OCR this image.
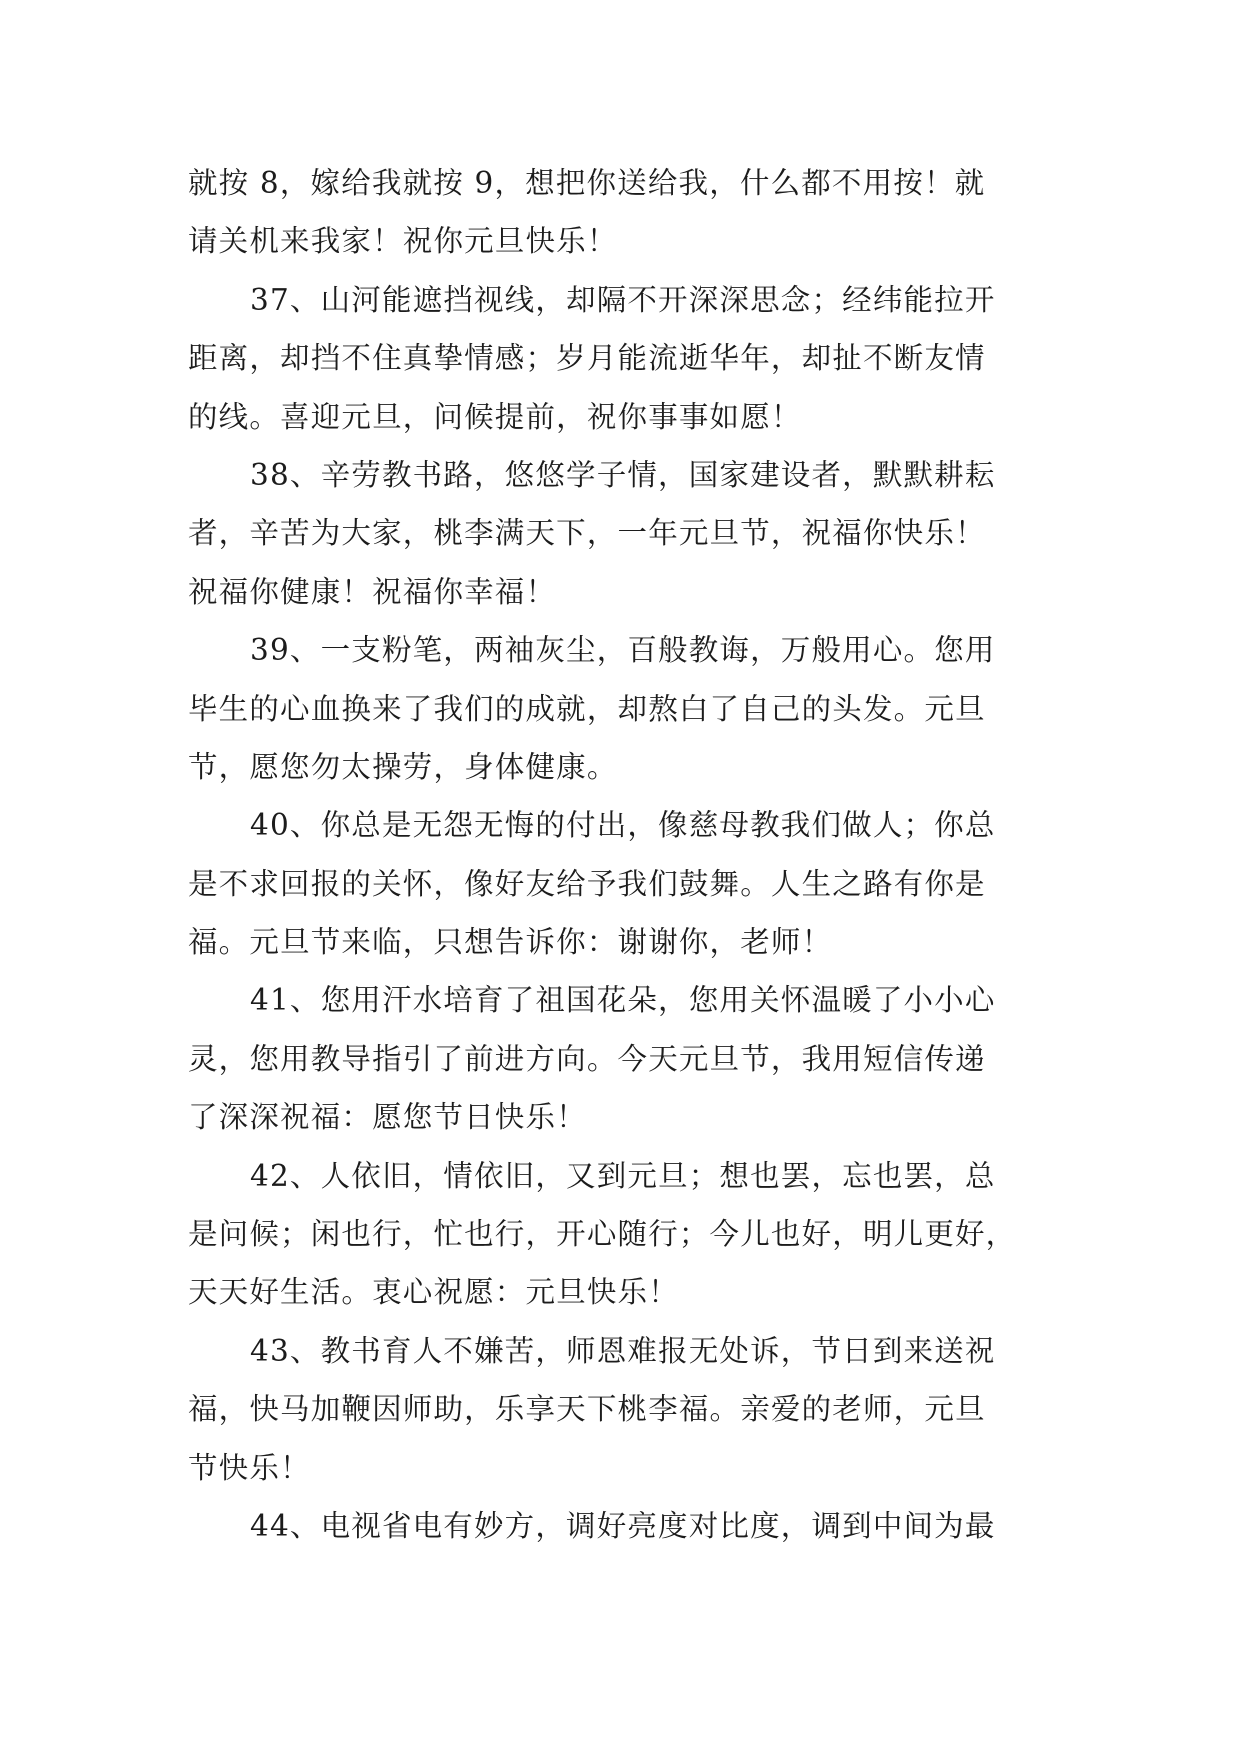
就按 8，嫁给我就按 9，想把你送给我，什么都不用按！就
请关机来我家！祝你元旦快乐！
37、山河能遮挡视线，却隔不开深深思念；经纬能拉开
距离，却挡不住真挚情感；岁月能流逝华年，却扯不断友情
的线。喜迎元旦，问候提前，祝你事事如愿！
38、辛劳教书路，悠悠学子情，国家建设者，默默耕耘
者，辛苦为大家，桃李满天下，一年元旦节，祝福你快乐！
祝福你健康！祝福你幸福！
39、一支粉笔，两袖灰尘，百般教诲，万般用心。您用
毕生的心血换来了我们的成就，却熬白了自己的头发。元旦
节，愿您勿太操劳，身体健康。
40、你总是无怨无悔的付出，像慈母教我们做人；你总
是不求回报的关怀，像好友给予我们鼓舞。人生之路有你是
福。元旦节来临，只想告诉你：谢谢你，老师！
41、您用汗水培育了祖国花朵，您用关怀温暖了小小心
灵，您用教导指引了前进方向。今天元旦节，我用短信传递
了深深祝福：愿您节日快乐！
42、人依旧，情依旧，又到元旦；想也罢，忘也罢，总
是问候；闲也行，忙也行，开心随行；今儿也好，明儿更好，
天天好生活。衷心祝愿：元旦快乐！
43、教书育人不嫌苦，师恩难报无处诉，节日到来送祝
福，快马加鞭因师助，乐享天下桃李福。亲爱的老师，元旦
节快乐！
44、电视省电有妙方，调好亮度对比度，调到中间为最
